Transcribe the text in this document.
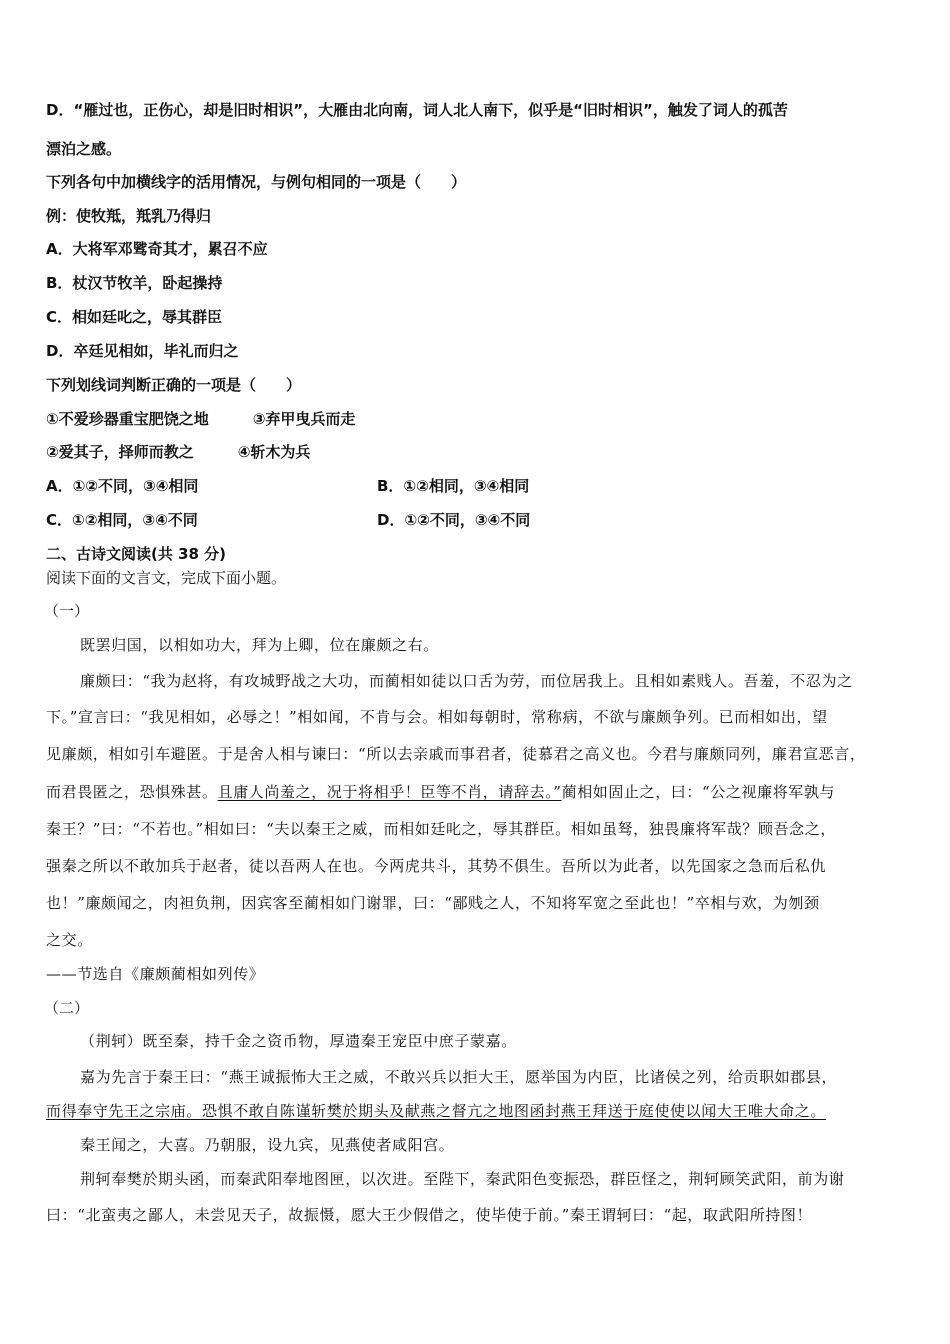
D．“雁过也，正伤心，却是旧时相识”，大雁由北向南，词人北人南下，似乎是“旧时相识”，触发了词人的孤苦
漂泊之感。
下列各句中加横线字的活用情况，与例句相同的一项是（　　）
例：使牧羝，羝乳乃得归
A．大将军邓骘奇其才，累召不应
B．杖汉节牧羊，卧起操持
C．相如廷叱之，辱其群臣
D．卒廷见相如，毕礼而归之
下列划线词判断正确的一项是（　　）
①不爱珍器重宝肥饶之地	③弃甲曳兵而走
②爱其子，择师而教之	④斩木为兵
A．①②不同，③④相同	B．①②相同，③④相同
C．①②相同，③④不同	D．①②不同，③④不同
二、古诗文阅读(共 38 分)
阅读下面的文言文，完成下面小题。
（一）
既罢归国，以相如功大，拜为上卿，位在廉颇之右。
廉颇曰：“我为赵将，有攻城野战之大功，而蔺相如徒以口舌为劳，而位居我上。且相如素贱人。吾羞，不忍为之
下。”宣言曰：“我见相如，必辱之！”相如闻，不肯与会。相如每朝时，常称病，不欲与廉颇争列。已而相如出，望
见廉颇，相如引车避匿。于是舍人相与谏曰：“所以去亲戚而事君者，徒慕君之高义也。今君与廉颇同列，廉君宣恶言，
而君畏匿之，恐惧殊甚。且庸人尚羞之，况于将相乎！臣等不肖，请辞去。”蔺相如固止之，曰：“公之视廉将军孰与
秦王？”曰：“不若也。”相如曰：“夫以秦王之威，而相如廷叱之，辱其群臣。相如虽驽，独畏廉将军哉？顾吾念之，
强秦之所以不敢加兵于赵者，徒以吾两人在也。今两虎共斗，其势不俱生。吾所以为此者，以先国家之急而后私仇
也！”廉颇闻之，肉袒负荆，因宾客至蔺相如门谢罪，曰：“鄙贱之人，不知将军宽之至此也！”卒相与欢，为刎颈
之交。
——节选自《廉颇蔺相如列传》
（二）
（荆轲）既至秦，持千金之资币物，厚遗秦王宠臣中庶子蒙嘉。
嘉为先言于秦王曰：“燕王诚振怖大王之威，不敢兴兵以拒大王，愿举国为内臣，比诸侯之列，给贡职如郡县，
而得奉守先王之宗庙。恐惧不敢自陈谨斩樊於期头及献燕之督亢之地图函封燕王拜送于庭使使以闻大王唯大命之。
秦王闻之，大喜。乃朝服，设九宾，见燕使者咸阳宫。
荆轲奉樊於期头函，而秦武阳奉地图匣，以次进。至陛下，秦武阳色变振恐，群臣怪之，荆轲顾笑武阳，前为谢
曰：“北蛮夷之鄙人，未尝见天子，故振慑，愿大王少假借之，使毕使于前。”秦王谓轲曰：“起，取武阳所持图！
